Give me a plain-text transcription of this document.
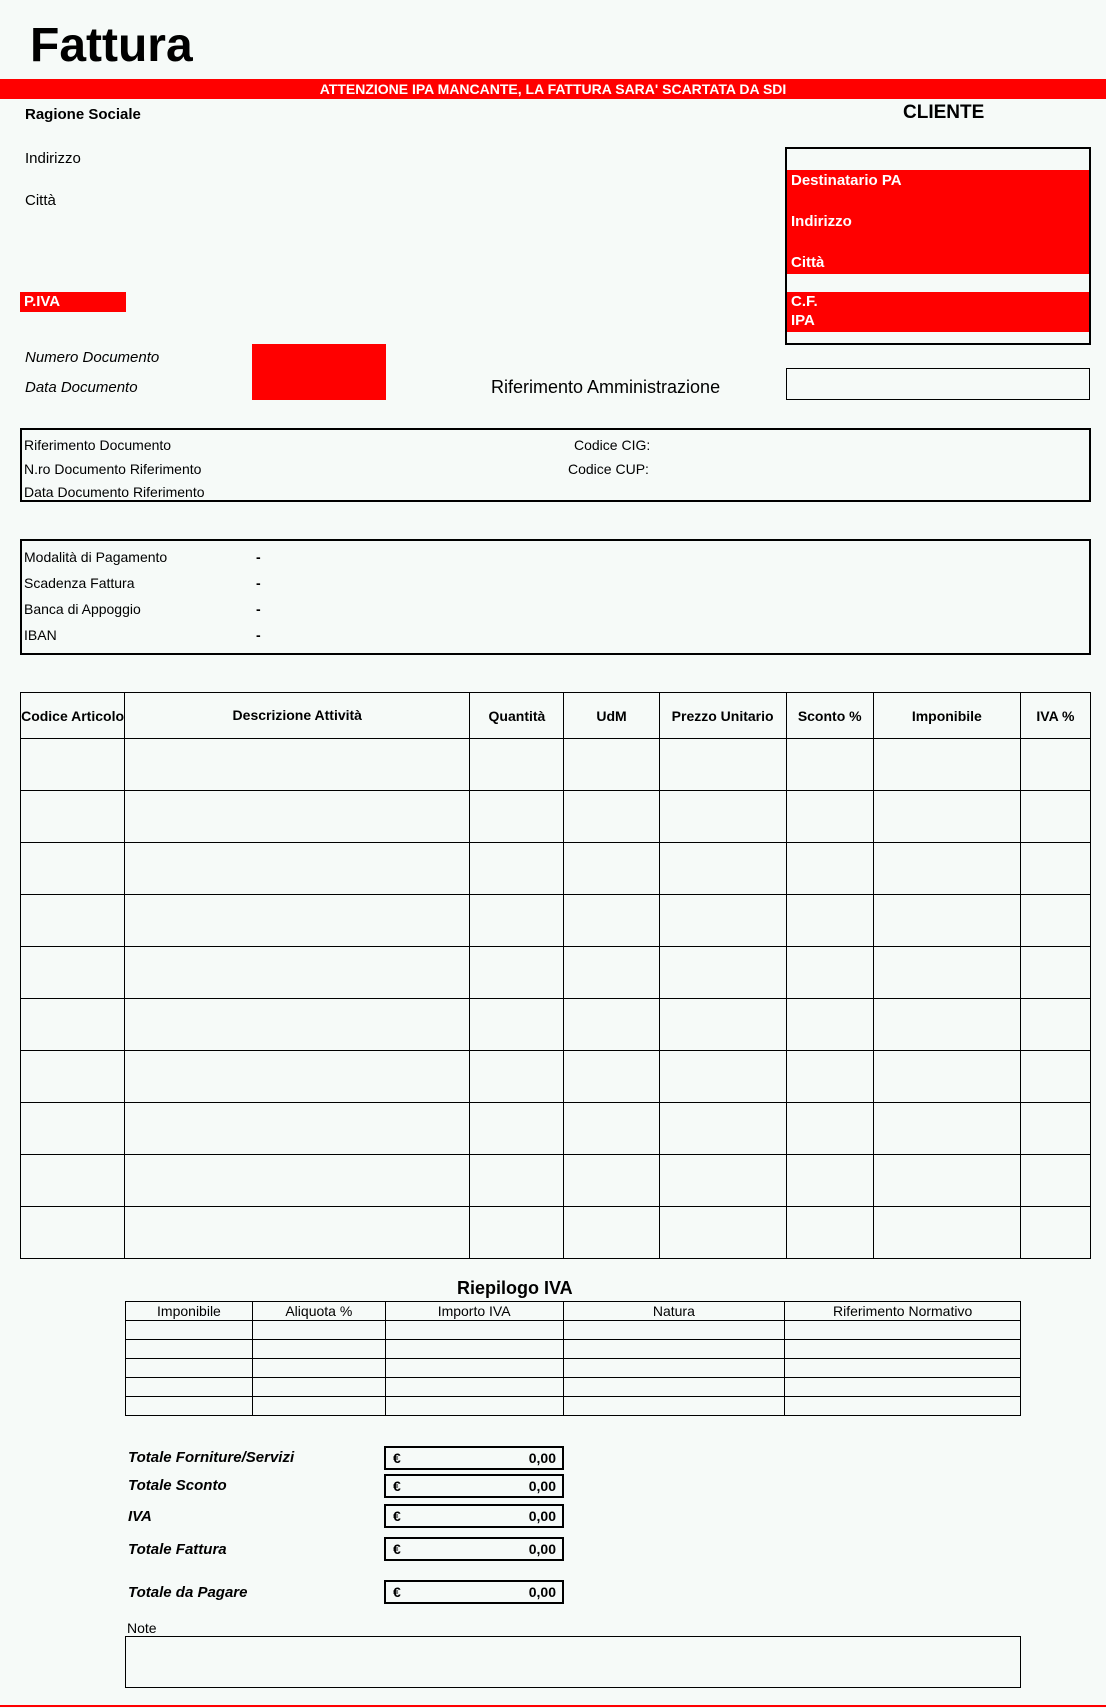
Fattura
ATTENZIONE IPA MANCANTE, LA FATTURA SARA' SCARTATA DA SDI
Ragione Sociale
Indirizzo
Città
P.IVA
CLIENTE
Destinatario PA
Indirizzo
Città
C.F.
IPA
Numero Documento
Data Documento	Riferimento Amministrazione
Riferimento Documento
N.ro Documento Riferimento
Data Documento Riferimento
Codice CIG:
Codice CUP:
Modalità di Pagamento	-
Scadenza Fattura	-
Banca di Appoggio	-
IBAN	-
Codice Articolo	Descrizione Attività	Quantità	UdM	Prezzo Unitario	Sconto %	Imponibile	IVA %

Riepilogo IVA
Imponibile	Aliquota %	Importo IVA	Natura	Riferimento Normativo

Totale Forniture/Servizi	€	0,00
Totale Sconto	€	0,00
IVA	€	0,00
Totale Fattura	€	0,00
Totale da Pagare	€	0,00
Note
